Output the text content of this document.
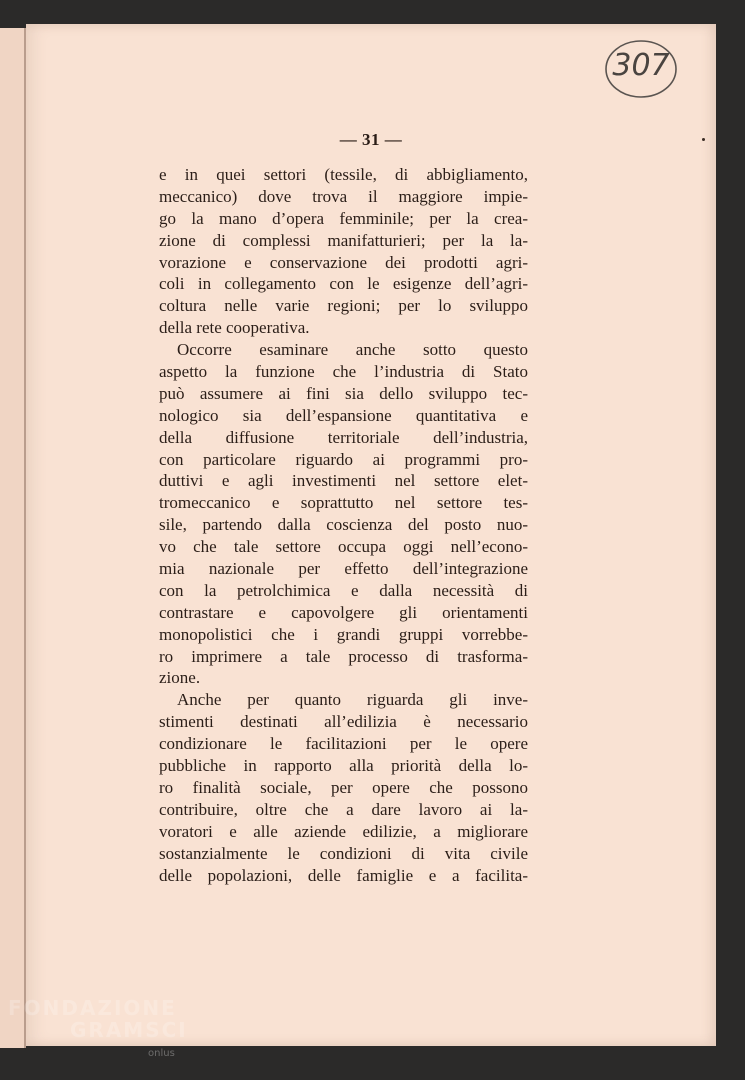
307
— 31 —
e in quei settori (tessile, di abbigliamento,
meccanico) dove trova il maggiore impie-
go la mano d’opera femminile; per la crea-
zione di complessi manifatturieri; per la la-
vorazione e conservazione dei prodotti agri-
coli in collegamento con le esigenze dell’agri-
coltura nelle varie regioni; per lo sviluppo
della rete cooperativa.
Occorre esaminare anche sotto questo
aspetto la funzione che l’industria di Stato
può assumere ai fini sia dello sviluppo tec-
nologico sia dell’espansione quantitativa e
della diffusione territoriale dell’industria,
con particolare riguardo ai programmi pro-
duttivi e agli investimenti nel settore elet-
tromeccanico e soprattutto nel settore tes-
sile, partendo dalla coscienza del posto nuo-
vo che tale settore occupa oggi nell’econo-
mia nazionale per effetto dell’integrazione
con la petrolchimica e dalla necessità di
contrastare e capovolgere gli orientamenti
monopolistici che i grandi gruppi vorrebbe-
ro imprimere a tale processo di trasforma-
zione.
Anche per quanto riguarda gli inve-
stimenti destinati all’edilizia è necessario
condizionare le facilitazioni per le opere
pubbliche in rapporto alla priorità della lo-
ro finalità sociale, per opere che possono
contribuire, oltre che a dare lavoro ai la-
voratori e alle aziende edilizie, a migliorare
sostanzialmente le condizioni di vita civile
delle popolazioni, delle famiglie e a facilita-
FONDAZIONE
GRAMSCI
onlus
